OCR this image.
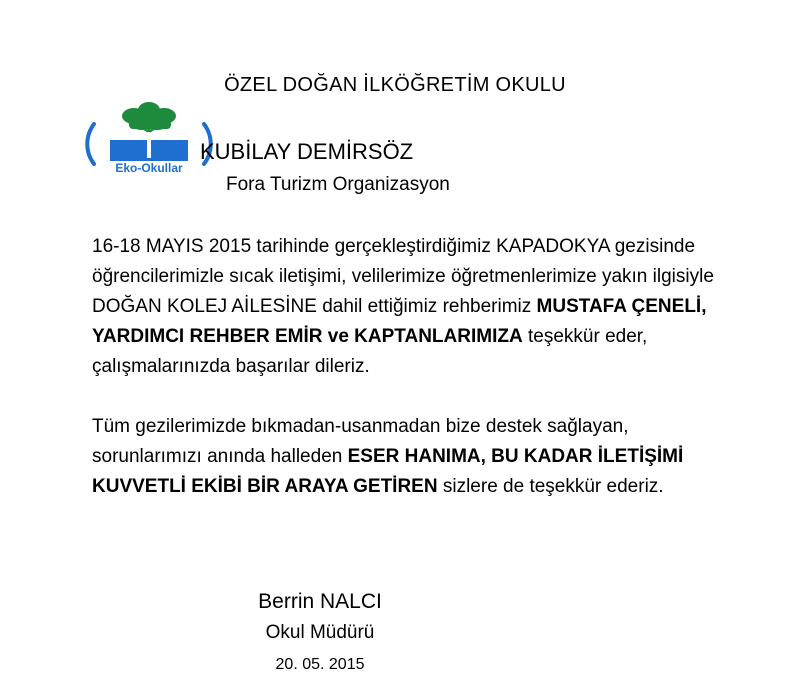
Eko-Okullar
ÖZEL DOĞAN İLKÖĞRETİM OKULU
KUBİLAY DEMİRSÖZ
Fora Turizm Organizasyon

16-18 MAYIS 2015 tarihinde gerçekleştirdiğimiz KAPADOKYA gezisinde öğrencilerimizle sıcak iletişimi, velilerimize öğretmenlerimize yakın ilgisiyle DOĞAN KOLEJ AİLESİNE dahil ettiğimiz rehberimiz MUSTAFA ÇENELİ, YARDIMCI REHBER EMİR ve KAPTANLARIMIZA teşekkür eder, çalışmalarınızda başarılar dileriz.

Tüm gezilerimizde bıkmadan-usanmadan bize destek sağlayan, sorunlarımızı anında halleden ESER HANIMA, BU KADAR İLETİŞİMİ KUVVETLİ EKİBİ BİR ARAYA GETİREN sizlere de teşekkür ederiz.

Berrin NALCI
Okul Müdürü
20. 05. 2015
